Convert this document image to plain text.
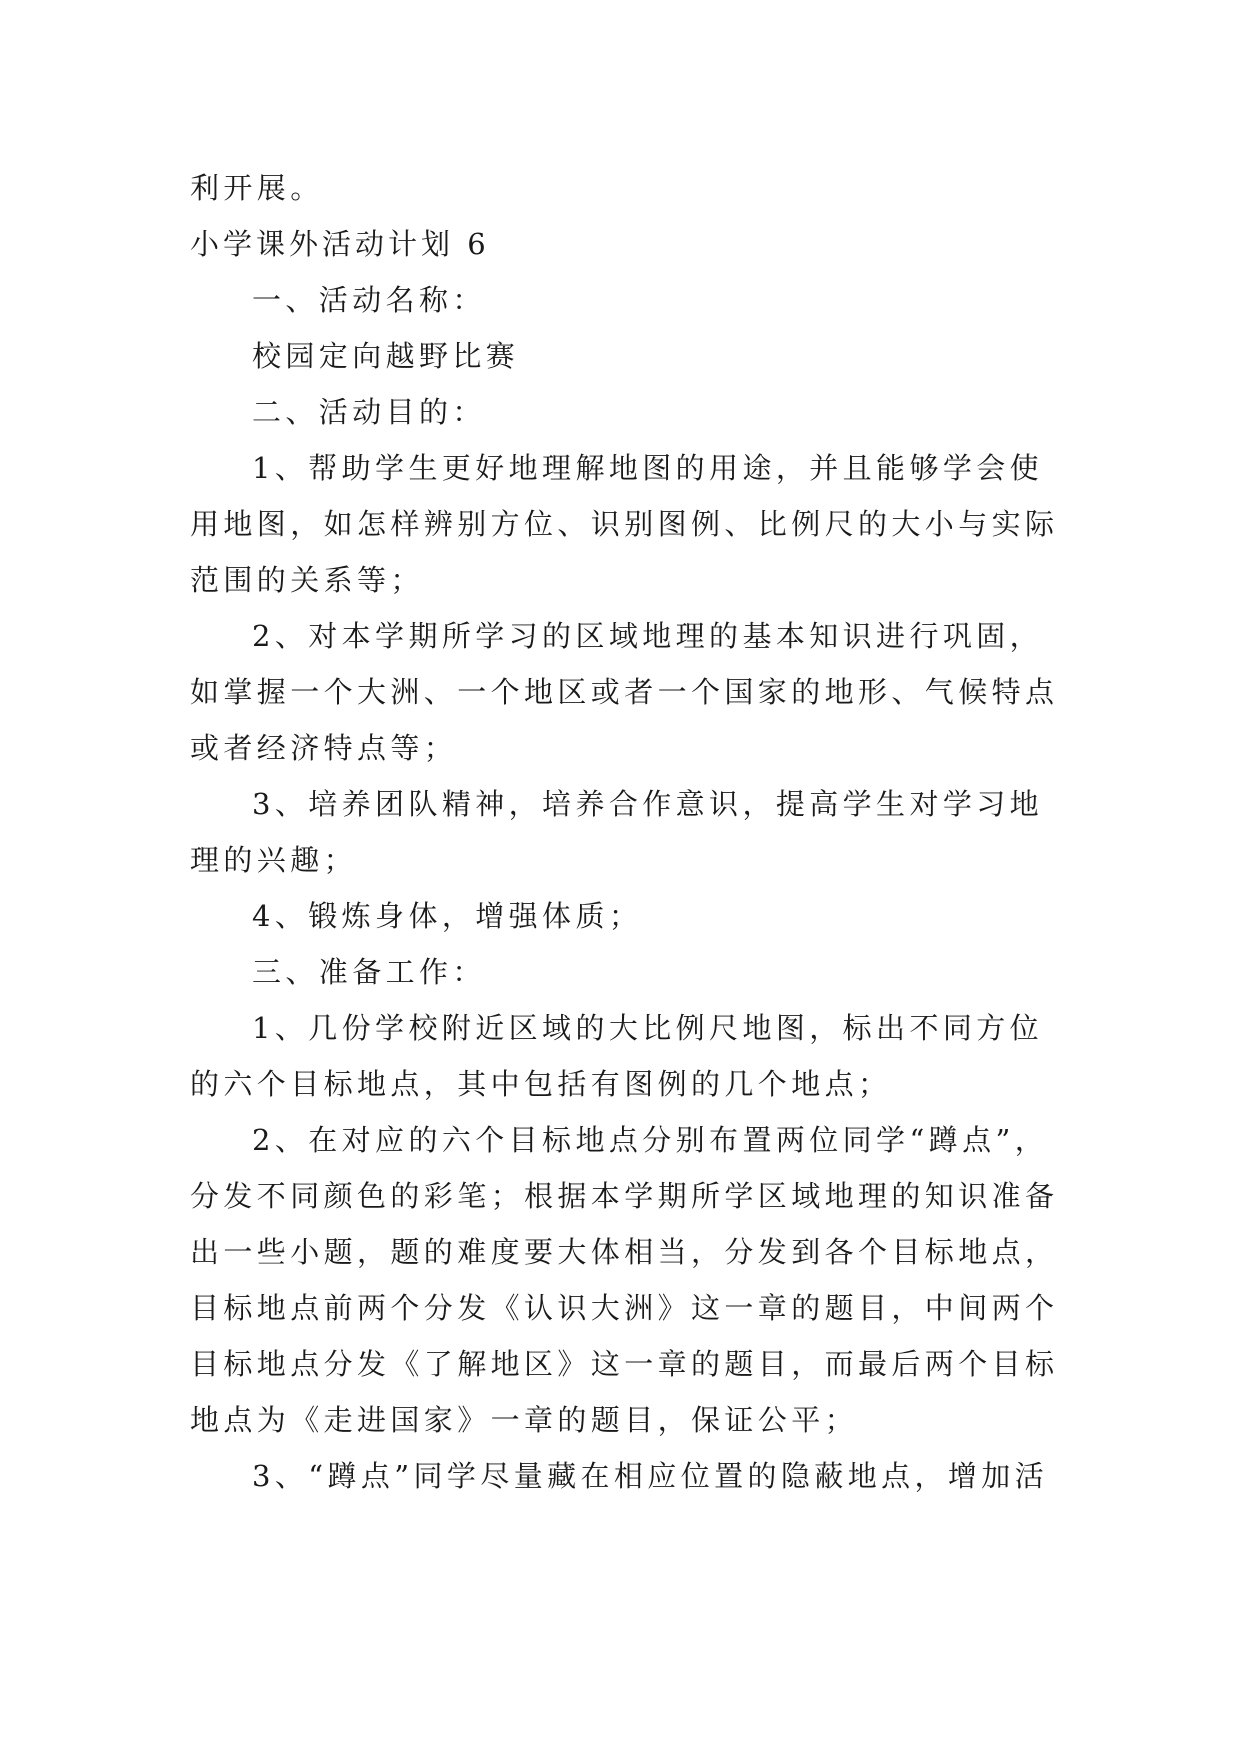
利开展。
小学课外活动计划 6
一、活动名称：
校园定向越野比赛
二、活动目的：
1、帮助学生更好地理解地图的用途，并且能够学会使
用地图，如怎样辨别方位、识别图例、比例尺的大小与实际
范围的关系等；
2、对本学期所学习的区域地理的基本知识进行巩固，
如掌握一个大洲、一个地区或者一个国家的地形、气候特点
或者经济特点等；
3、培养团队精神，培养合作意识，提高学生对学习地
理的兴趣；
4、锻炼身体，增强体质；
三、准备工作：
1、几份学校附近区域的大比例尺地图，标出不同方位
的六个目标地点，其中包括有图例的几个地点；
2、在对应的六个目标地点分别布置两位同学“蹲点”，
分发不同颜色的彩笔；根据本学期所学区域地理的知识准备
出一些小题，题的难度要大体相当，分发到各个目标地点，
目标地点前两个分发《认识大洲》这一章的题目，中间两个
目标地点分发《了解地区》这一章的题目，而最后两个目标
地点为《走进国家》一章的题目，保证公平；
3、“蹲点”同学尽量藏在相应位置的隐蔽地点，增加活
